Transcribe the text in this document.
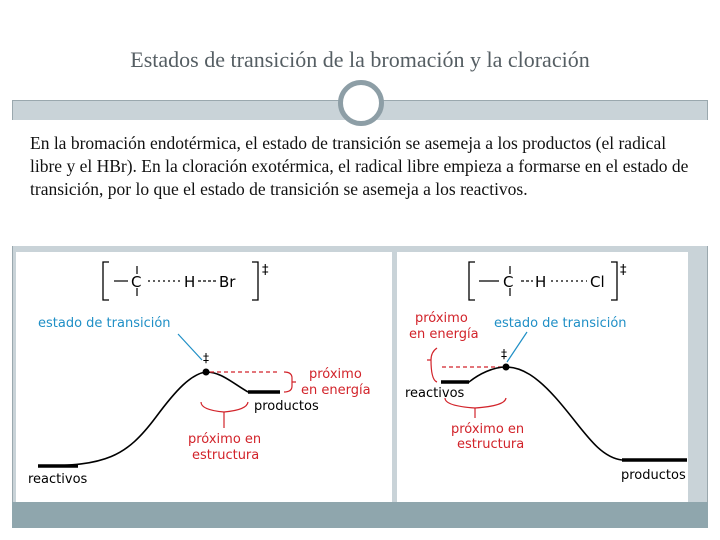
Estados de transición de la bromación y la cloración

En la bromación endotérmica, el estado de transición se asemeja a los productos (el radical libre y el HBr). En la cloración exotérmica, el radical libre empieza a formarse en el estado de transición, por lo que el estado de transición se asemeja a los reactivos.

C	H Br
‡
estado de transición
‡
próximo
en energía
productos
próximo en
estructura
reactivos
C H	Cl
‡
próximo
en energía
estado de transición
‡
reactivos
próximo en
estructura
productos
